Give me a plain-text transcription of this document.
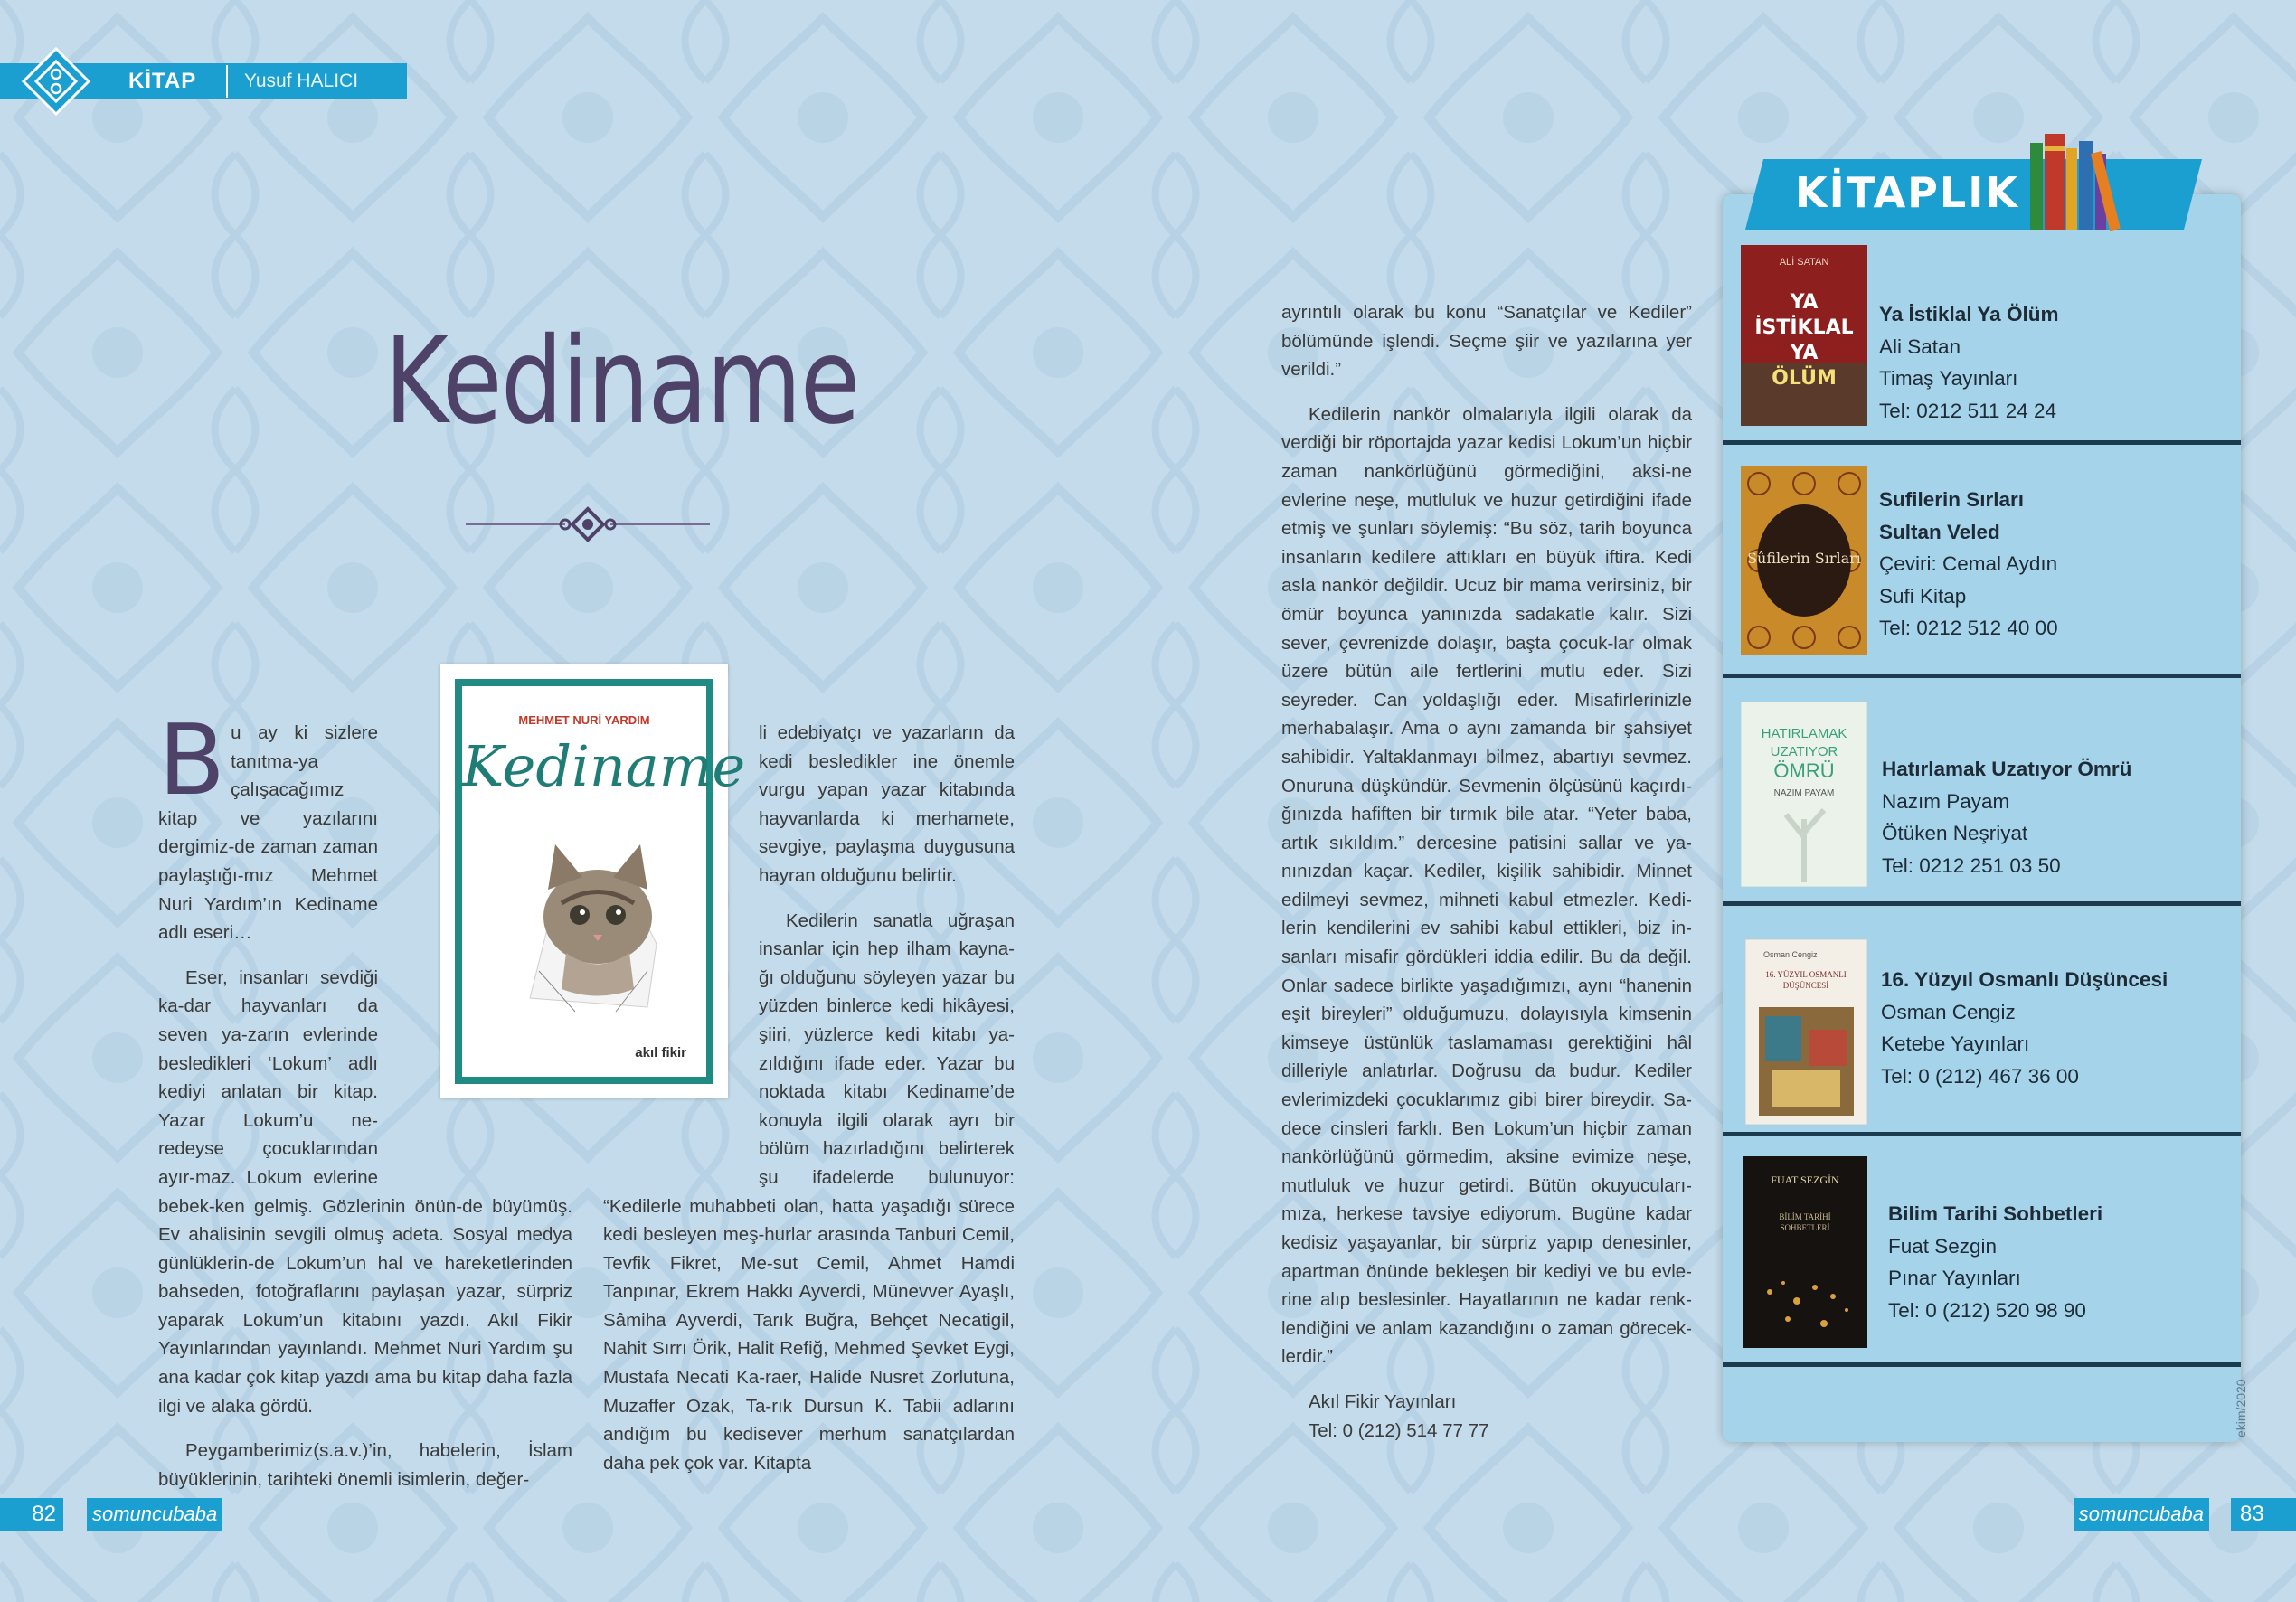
KİTAP	Yusuf HALICI
Kediname
MEHMET NURİ YARDIM
Kediname
akıl fikir

Bu ay ki sizlere tanıtma-ya çalışacağımız kitap ve yazılarını dergimiz-de zaman zaman paylaştığı-mız Mehmet Nuri Yardım’ın Kediname adlı eseri…

Eser, insanları sevdiği ka-dar hayvanları da seven ya-zarın evlerinde besledikleri ‘Lokum’ adlı kediyi anlatan bir kitap. Yazar Lokum’u ne-redeyse çocuklarından ayır-maz. Lokum evlerine bebek-ken gelmiş. Gözlerinin önün-de büyümüş. Ev ahalisinin sevgili olmuş adeta. Sosyal medya günlüklerin-de Lokum’un hal ve hareketlerinden bahseden, fotoğraflarını paylaşan yazar, sürpriz yaparak Lokum’un kitabını yazdı. Akıl Fikir Yayınlarından yayınlandı. Mehmet Nuri Yardım şu ana kadar çok kitap yazdı ama bu kitap daha fazla ilgi ve alaka gördü.

Peygamberimiz(s.a.v.)’in, habelerin, İslam büyüklerinin, tarihteki önemli isimlerin, değer-

li edebiyatçı ve yazarların da kedi besledikler ine önemle vurgu yapan yazar kitabında hayvanlarda ki merhamete, sevgiye, paylaşma duygusuna hayran olduğunu belirtir.

Kedilerin sanatla uğraşan insanlar için hep ilham kayna-ğı olduğunu söyleyen yazar bu yüzden binlerce kedi hikâyesi, şiiri, yüzlerce kedi kitabı ya-zıldığını ifade eder. Yazar bu noktada kitabı Kediname’de konuyla ilgili olarak ayrı bir bölüm hazırladığını belirterek şu ifadelerde bulunuyor: “Kedilerle muhabbeti olan, hatta yaşadığı sürece kedi besleyen meş-hurlar arasında Tanburi Cemil, Tevfik Fikret, Me-sut Cemil, Ahmet Hamdi Tanpınar, Ekrem Hakkı Ayverdi, Münevver Ayaşlı, Sâmiha Ayverdi, Tarık Buğra, Behçet Necatigil, Nahit Sırrı Örik, Halit Refiğ, Mehmed Şevket Eygi, Mustafa Necati Ka-raer, Halide Nusret Zorlutuna, Muzaffer Ozak, Ta-rık Dursun K. Tabii adlarını andığım bu kedisever merhum sanatçılardan daha pek çok var. Kitapta

ayrıntılı olarak bu konu “Sanatçılar ve Kediler” bölümünde işlendi. Seçme şiir ve yazılarına yer verildi.”

Kedilerin nankör olmalarıyla ilgili olarak da verdiği bir röportajda yazar kedisi Lokum’un hiçbir zaman nankörlüğünü görmediğini, aksi-ne evlerine neşe, mutluluk ve huzur getirdiğini ifade etmiş ve şunları söylemiş: “Bu söz, tarih boyunca insanların kedilere attıkları en büyük iftira. Kedi asla nankör değildir. Ucuz bir mama verirsiniz, bir ömür boyunca yanınızda sadakatle kalır. Sizi sever, çevrenizde dolaşır, başta çocuk-lar olmak üzere bütün aile fertlerini mutlu eder. Sizi seyreder. Can yoldaşlığı eder. Misafirlerinizle merhabalaşır. Ama o aynı zamanda bir şahsiyet sahibidir. Yaltaklanmayı bilmez, abartıyı sevmez. Onuruna düşkündür. Sevmenin ölçüsünü kaçırdı-ğınızda hafiften bir tırmık bile atar. “Yeter baba, artık sıkıldım.” dercesine patisini sallar ve ya-nınızdan kaçar. Kediler, kişilik sahibidir. Minnet edilmeyi sevmez, mihneti kabul etmezler. Kedi-lerin kendilerini ev sahibi kabul ettikleri, biz in-sanları misafir gördükleri iddia edilir. Bu da değil. Onlar sadece birlikte yaşadığımızı, aynı “hanenin eşit bireyleri” olduğumuzu, dolayısıyla kimsenin kimseye üstünlük taslamaması gerektiğini hâl dilleriyle anlatırlar. Doğrusu da budur. Kediler evlerimizdeki çocuklarımız gibi birer bireydir. Sa-dece cinsleri farklı. Ben Lokum’un hiçbir zaman nankörlüğünü görmedim, aksine evimize neşe, mutluluk ve huzur getirdi. Bütün okuyucuları-mıza, herkese tavsiye ediyorum. Bugüne kadar kedisiz yaşayanlar, bir sürpriz yapıp denesinler, apartman önünde bekleşen bir kediyi ve bu evle-rine alıp beslesinler. Hayatlarının ne kadar renk-lendiğini ve anlam kazandığını o zaman görecek-lerdir.”

Akıl Fikir Yayınları
Tel: 0 (212) 514 77 77
KİTAPLIK
ALİ SATAN
YA
İSTİKLAL
YA
ÖLÜM
Ya İstiklal Ya Ölüm
Ali Satan
Timaş Yayınları
Tel: 0212 511 24 24
Sûfilerin Sırları
Sufilerin Sırları
Sultan Veled
Çeviri: Cemal Aydın
Sufi Kitap
Tel: 0212 512 40 00
HATIRLAMAK
UZATIYOR
ÖMRÜ
NAZIM PAYAM
Hatırlamak Uzatıyor Ömrü
Nazım Payam
Ötüken Neşriyat
Tel: 0212 251 03 50
Osman Cengiz
16. YÜZYIL OSMANLI
DÜŞÜNCESİ	16. Yüzyıl Osmanlı Düşüncesi
Osman Cengiz
Ketebe Yayınları
Tel: 0 (212) 467 36 00
FUAT SEZGİN
BİLİM TARİHİ
SOHBETLERİ
Bilim Tarihi Sohbetleri
Fuat Sezgin
Pınar Yayınları
Tel: 0 (212) 520 98 90
82	somuncubaba	somuncubaba	83
ekim/2020
